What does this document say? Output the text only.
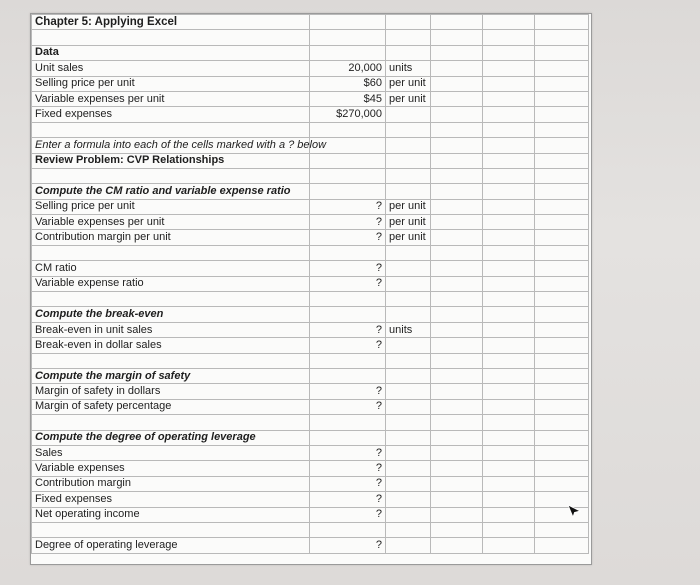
Chapter 5: Applying Excel					

Data					
Unit sales	20,000	units			
Selling price per unit	$60	per unit			
Variable expenses per unit	$45	per unit			
Fixed expenses	$270,000				

Enter a formula into each of the cells marked with a ? below					
Review Problem: CVP Relationships					

Compute the CM ratio and variable expense ratio					
Selling price per unit	?	per unit			
Variable expenses per unit	?	per unit			
Contribution margin per unit	?	per unit			

CM ratio	?				
Variable expense ratio	?				

Compute the break-even					
Break-even in unit sales	?	units			
Break-even in dollar sales	?				

Compute the margin of safety					
Margin of safety in dollars	?				
Margin of safety percentage	?				

Compute the degree of operating leverage					
Sales	?				
Variable expenses	?				
Contribution margin	?				
Fixed expenses	?				
Net operating income	?				

Degree of operating leverage	?				
